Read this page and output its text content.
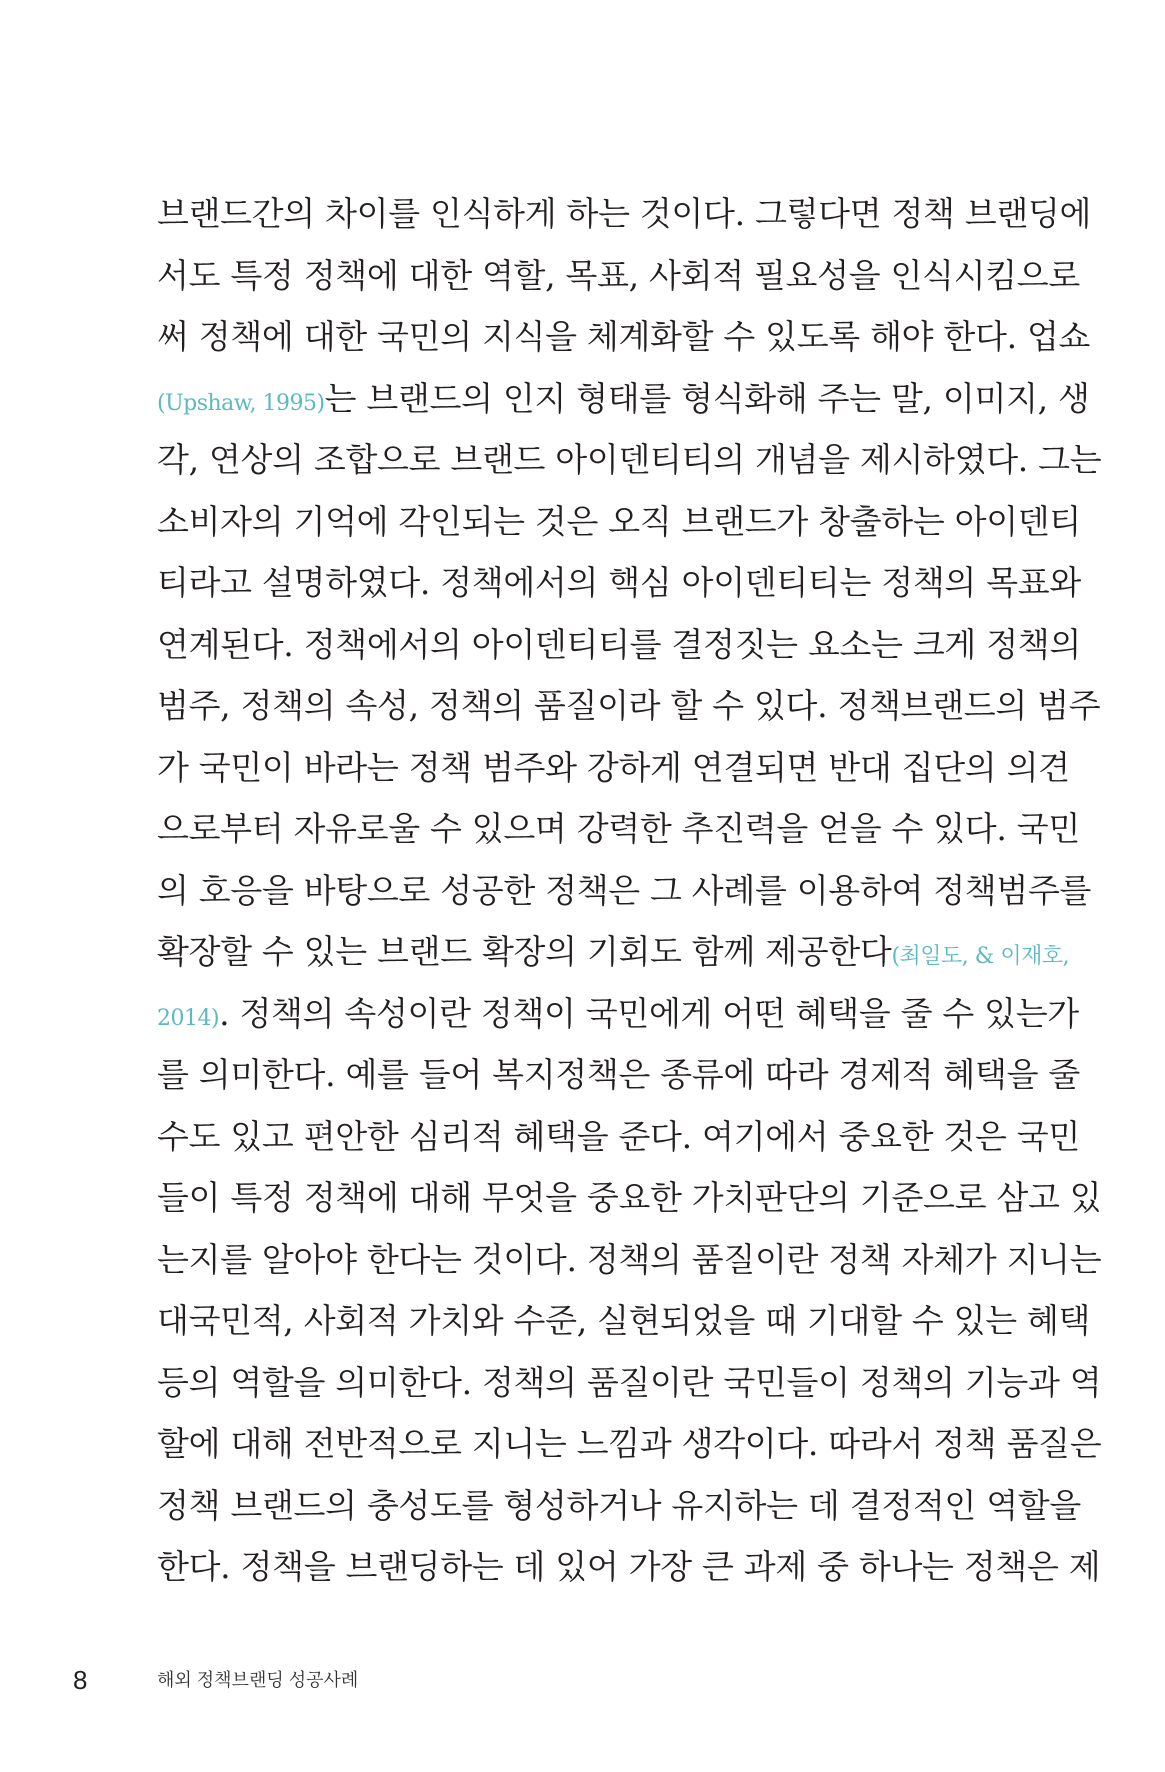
브랜드간의 차이를 인식하게 하는 것이다. 그렇다면 정책 브랜딩에
서도 특정 정책에 대한 역할, 목표, 사회적 필요성을 인식시킴으로
써 정책에 대한 국민의 지식을 체계화할 수 있도록 해야 한다. 업쇼
(Upshaw, 1995)는 브랜드의 인지 형태를 형식화해 주는 말, 이미지, 생
각, 연상의 조합으로 브랜드 아이덴티티의 개념을 제시하였다. 그는
소비자의 기억에 각인되는 것은 오직 브랜드가 창출하는 아이덴티
티라고 설명하였다. 정책에서의 핵심 아이덴티티는 정책의 목표와
연계된다. 정책에서의 아이덴티티를 결정짓는 요소는 크게 정책의
범주, 정책의 속성, 정책의 품질이라 할 수 있다. 정책브랜드의 범주
가 국민이 바라는 정책 범주와 강하게 연결되면 반대 집단의 의견
으로부터 자유로울 수 있으며 강력한 추진력을 얻을 수 있다. 국민
의 호응을 바탕으로 성공한 정책은 그 사례를 이용하여 정책범주를
확장할 수 있는 브랜드 확장의 기회도 함께 제공한다(최일도, & 이재호,
2014). 정책의 속성이란 정책이 국민에게 어떤 혜택을 줄 수 있는가
를 의미한다. 예를 들어 복지정책은 종류에 따라 경제적 혜택을 줄
수도 있고 편안한 심리적 혜택을 준다. 여기에서 중요한 것은 국민
들이 특정 정책에 대해 무엇을 중요한 가치판단의 기준으로 삼고 있
는지를 알아야 한다는 것이다. 정책의 품질이란 정책 자체가 지니는
대국민적, 사회적 가치와 수준, 실현되었을 때 기대할 수 있는 혜택
등의 역할을 의미한다. 정책의 품질이란 국민들이 정책의 기능과 역
할에 대해 전반적으로 지니는 느낌과 생각이다. 따라서 정책 품질은
정책 브랜드의 충성도를 형성하거나 유지하는 데 결정적인 역할을
한다. 정책을 브랜딩하는 데 있어 가장 큰 과제 중 하나는 정책은 제
8	해외 정책브랜딩 성공사례
